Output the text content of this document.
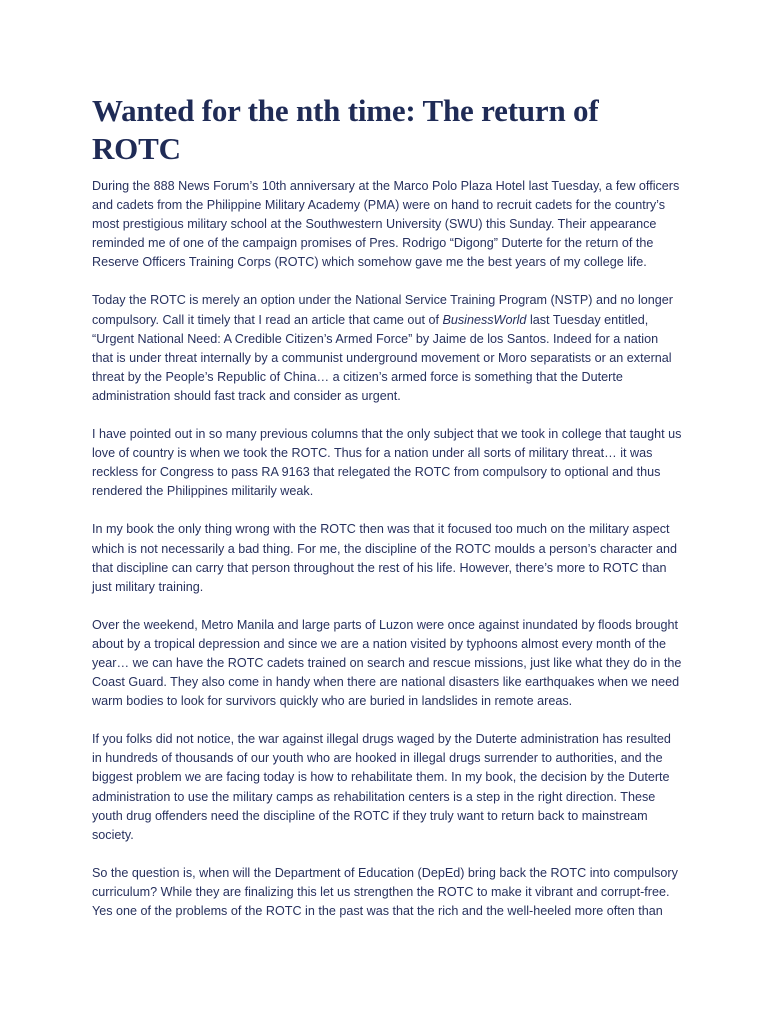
Wanted for the nth time: The return of
ROTC

During the 888 News Forum’s 10th anniversary at the Marco Polo Plaza Hotel last Tuesday, a few officers
and cadets from the Philippine Military Academy (PMA) were on hand to recruit cadets for the country’s
most prestigious military school at the Southwestern University (SWU) this Sunday. Their appearance
reminded me of one of the campaign promises of Pres. Rodrigo “Digong” Duterte for the return of the
Reserve Officers Training Corps (ROTC) which somehow gave me the best years of my college life.

Today the ROTC is merely an option under the National Service Training Program (NSTP) and no longer
compulsory. Call it timely that I read an article that came out of BusinessWorld last Tuesday entitled,
“Urgent National Need: A Credible Citizen’s Armed Force” by Jaime de los Santos. Indeed for a nation
that is under threat internally by a communist underground movement or Moro separatists or an external
threat by the People’s Republic of China… a citizen’s armed force is something that the Duterte
administration should fast track and consider as urgent.

I have pointed out in so many previous columns that the only subject that we took in college that taught us
love of country is when we took the ROTC. Thus for a nation under all sorts of military threat… it was
reckless for Congress to pass RA 9163 that relegated the ROTC from compulsory to optional and thus
rendered the Philippines militarily weak.

In my book the only thing wrong with the ROTC then was that it focused too much on the military aspect
which is not necessarily a bad thing. For me, the discipline of the ROTC moulds a person’s character and
that discipline can carry that person throughout the rest of his life. However, there’s more to ROTC than
just military training.

Over the weekend, Metro Manila and large parts of Luzon were once against inundated by floods brought
about by a tropical depression and since we are a nation visited by typhoons almost every month of the
year… we can have the ROTC cadets trained on search and rescue missions, just like what they do in the
Coast Guard. They also come in handy when there are national disasters like earthquakes when we need
warm bodies to look for survivors quickly who are buried in landslides in remote areas.

If you folks did not notice, the war against illegal drugs waged by the Duterte administration has resulted
in hundreds of thousands of our youth who are hooked in illegal drugs surrender to authorities, and the
biggest problem we are facing today is how to rehabilitate them. In my book, the decision by the Duterte
administration to use the military camps as rehabilitation centers is a step in the right direction. These
youth drug offenders need the discipline of the ROTC if they truly want to return back to mainstream
society.

So the question is, when will the Department of Education (DepEd) bring back the ROTC into compulsory
curriculum? While they are finalizing this let us strengthen the ROTC to make it vibrant and corrupt-free.
Yes one of the problems of the ROTC in the past was that the rich and the well-heeled more often than
